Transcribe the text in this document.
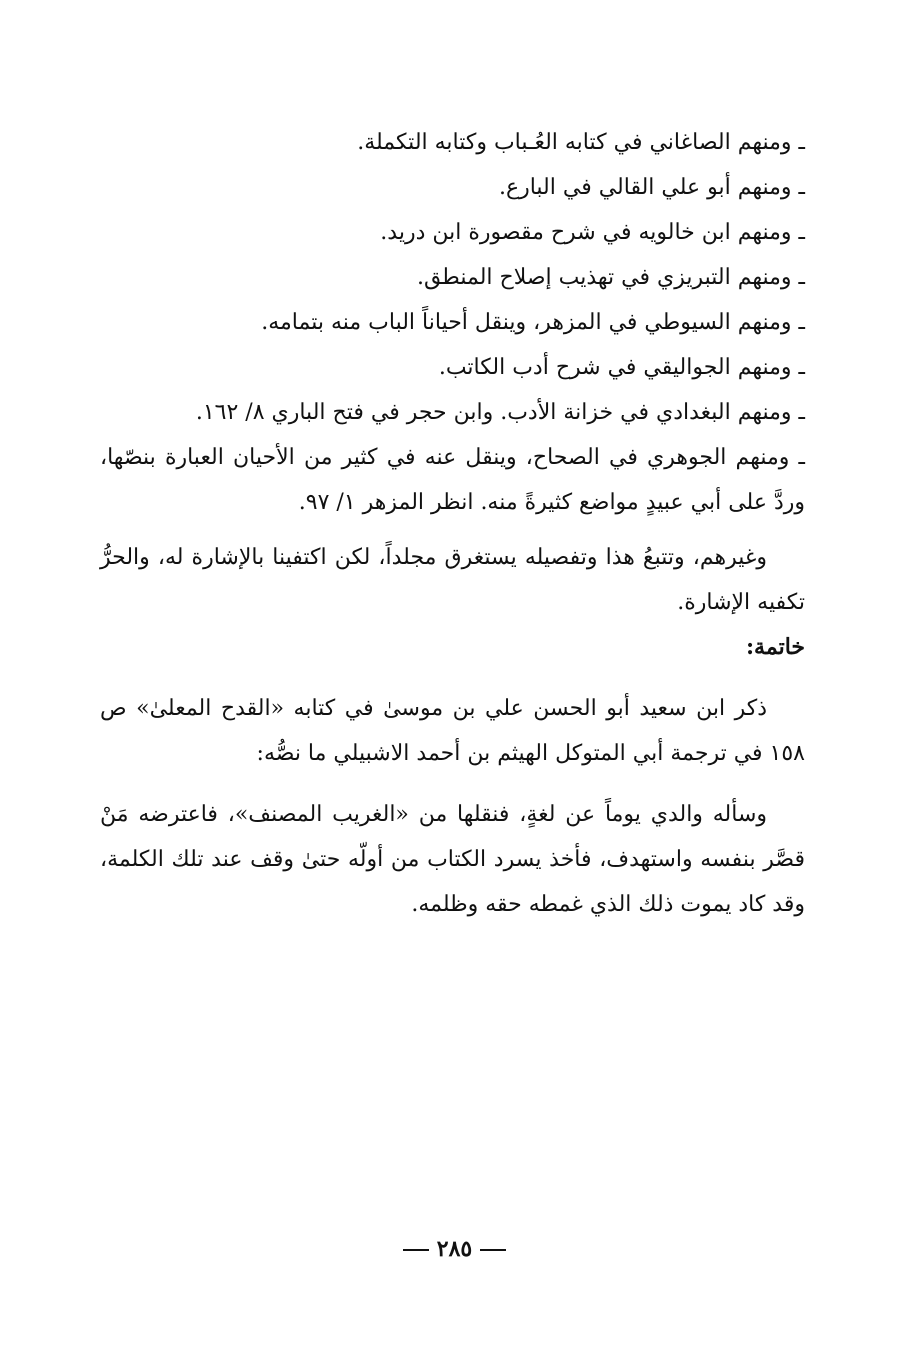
ـ ومنهم الصاغاني في كتابه العُـباب وكتابه التكملة.

ـ ومنهم أبو علي القالي في البارع.

ـ ومنهم ابن خالويه في شرح مقصورة ابن دريد.

ـ ومنهم التبريزي في تهذيب إصلاح المنطق.

ـ ومنهم السيوطي في المزهر، وينقل أحياناً الباب منه بتمامه.

ـ ومنهم الجواليقي في شرح أدب الكاتب.

ـ ومنهم البغدادي في خزانة الأدب. وابن حجر في فتح الباري ٨/ ١٦٢.

ـ ومنهم الجوهري في الصحاح، وينقل عنه في كثير من الأحيان العبارة بنصّها، وردَّ على أبي عبيدٍ مواضع كثيرةً منه. انظر المزهر ١/ ٩٧.

وغيرهم، وتتبعُ هذا وتفصيله يستغرق مجلداً، لكن اكتفينا بالإشارة له، والحرُّ تكفيه الإشارة.

خاتمة:

ذكر ابن سعيد أبو الحسن علي بن موسىٰ في كتابه «القدح المعلىٰ» ص ١٥٨ في ترجمة أبي المتوكل الهيثم بن أحمد الاشبيلي ما نصُّه:

وسأله والدي يوماً عن لغةٍ، فنقلها من «الغريب المصنف»، فاعترضه مَنْ قصَّر بنفسه واستهدف، فأخذ يسرد الكتاب من أولّه حتىٰ وقف عند تلك الكلمة، وقد كاد يموت ذلك الذي غمطه حقه وظلمه.

٢٨٥
